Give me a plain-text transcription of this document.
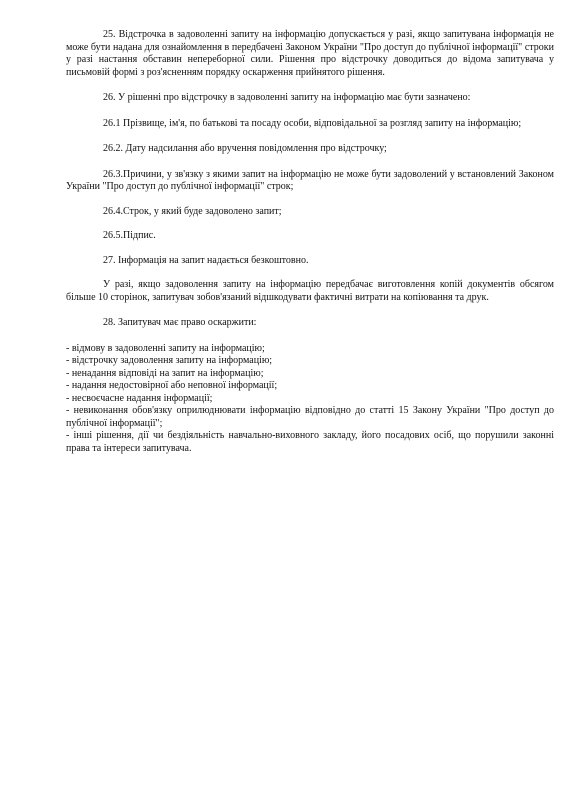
25. Відстрочка в задоволенні запиту на інформацію допускається у разі, якщо запитувана інформація не може бути надана для ознайомлення в передбачені Законом України "Про доступ до публічної інформації" строки у разі настання обставин непереборної сили. Рішення про відстрочку доводиться до відома запитувача у письмовій формі з роз'ясненням порядку оскарження прийнятого рішення.

26. У рішенні про відстрочку в задоволенні запиту на інформацію має бути зазначено:

26.1 Прізвище, ім'я, по батькові та посаду особи, відповідальної за розгляд запиту на інформацію;

26.2. Дату надсилання або вручення повідомлення про відстрочку;

26.3.Причини, у зв'язку з якими запит на інформацію не може бути задоволений у встановлений Законом України "Про доступ до публічної інформації" строк;

26.4.Строк, у який буде задоволено запит;

26.5.Підпис.

27. Інформація на запит надається безкоштовно.

У разі, якщо задоволення запиту на інформацію передбачає виготовлення копій документів обсягом більше 10 сторінок, запитувач зобов'язаний відшкодувати фактичні витрати на копіювання та друк.

28. Запитувач має право оскаржити:

- відмову в задоволенні запиту на інформацію;
- відстрочку задоволення запиту на інформацію;
- ненадання відповіді на запит на інформацію;
- надання недостовірної або неповної інформації;
- несвоєчасне надання інформації;
- невиконання обов'язку оприлюднювати інформацію відповідно до статті 15 Закону України "Про доступ до публічної інформації";
- інші рішення, дії чи бездіяльність навчально-виховного закладу, його посадових осіб, що порушили законні права та інтереси запитувача.
